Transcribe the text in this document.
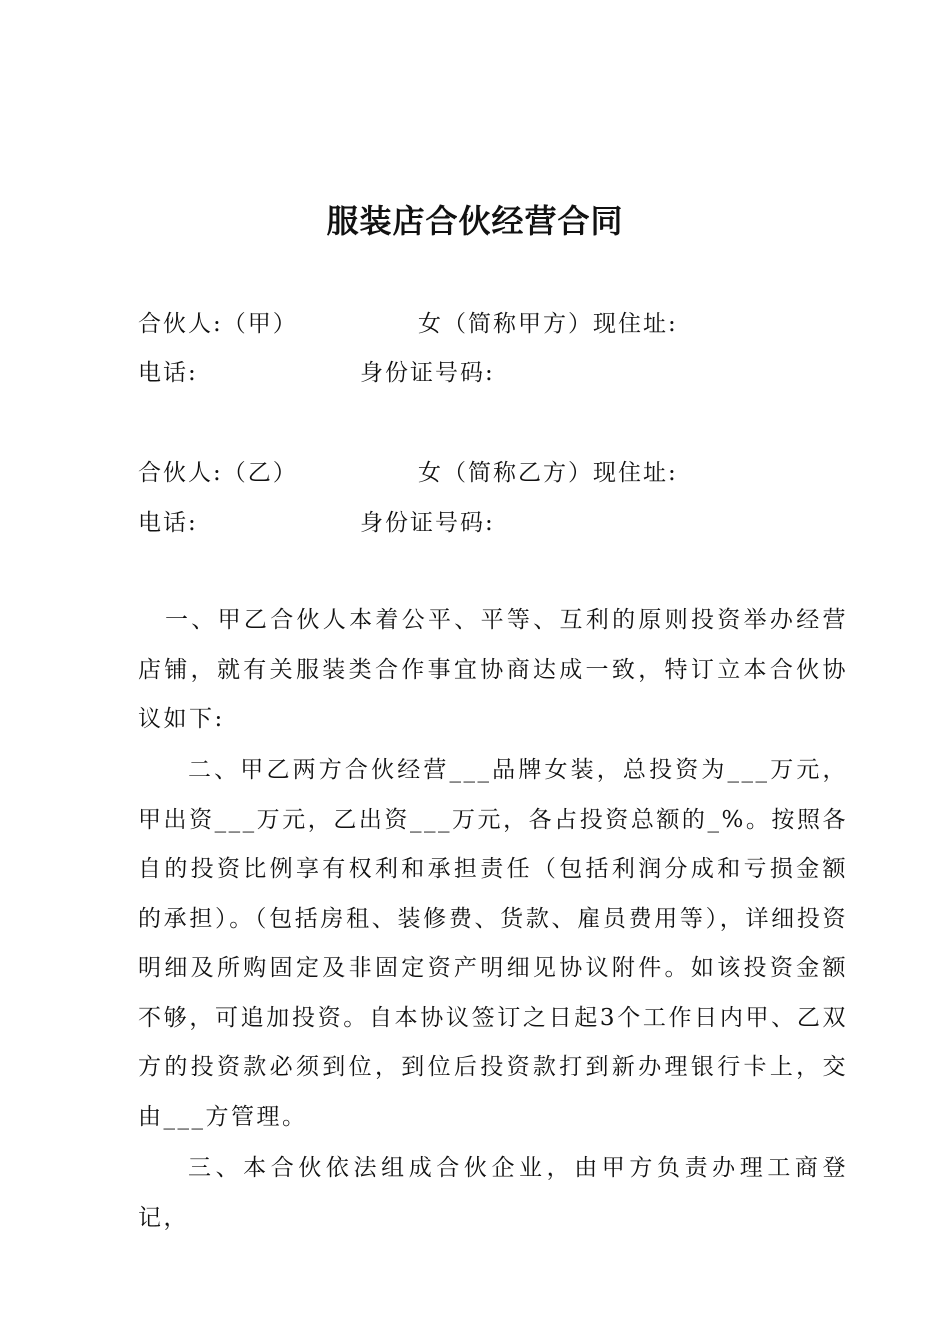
服装店合伙经营合同
合伙人:（甲）	女（简称甲方）现住址:
电话:	身份证号码:
合伙人:（乙）	女（简称乙方）现住址:
电话:	身份证号码:
一、甲乙合伙人本着公平、平等、互利的原则投资举办经营店铺，就有关服装类合作事宜协商达成一致，特订立本合伙协议如下:
二、甲乙两方合伙经营___品牌女装，总投资为___万元，甲出资___万元，乙出资___万元，各占投资总额的_%。按照各自的投资比例享有权利和承担责任（包括利润分成和亏损金额的承担）。（包括房租、装修费、货款、雇员费用等），详细投资明细及所购固定及非固定资产明细见协议附件。如该投资金额不够，可追加投资。自本协议签订之日起3个工作日内甲、乙双方的投资款必须到位，到位后投资款打到新办理银行卡上，交由___方管理。
三、本合伙依法组成合伙企业，由甲方负责办理工商登记，
